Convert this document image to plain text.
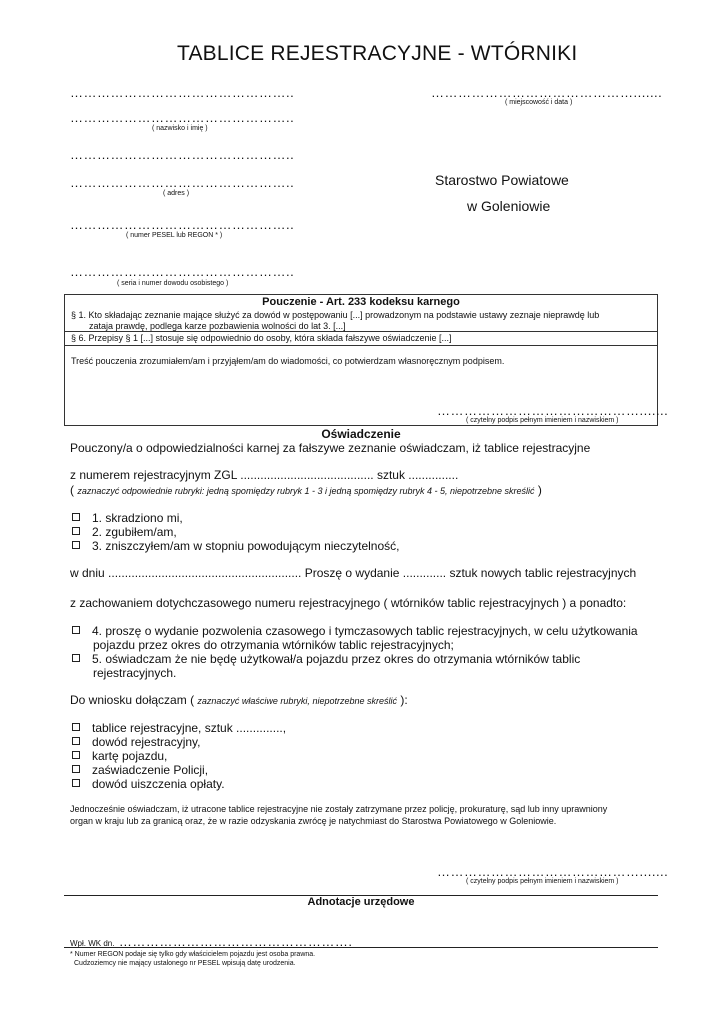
TABLICE REJESTRACYJNE - WTÓRNIKI
…………………………………………..
…………………………………………..
( nazwisko i imię )
…………………………………………..
…………………………………………..
( adres )
…………………………………………..
( numer PESEL lub REGON * )
…………………………………………..
( seria i numer dowodu osobistego )
……………………………………….......
( miejscowość i data )
Starostwo Powiatowe
w Goleniowie
Pouczenie - Art. 233 kodeksu karnego
§ 1. Kto składając zeznanie mające służyć za dowód w postępowaniu [...] prowadzonym na podstawie ustawy zeznaje nieprawdę lub
zataja prawdę, podlega karze pozbawienia wolności do lat 3. [...]
§ 6. Przepisy § 1 [...] stosuje się odpowiednio do osoby, która składa fałszywe oświadczenie [...]
Treść pouczenia zrozumiałem/am i przyjąłem/am do wiadomości, co potwierdzam własnoręcznym podpisem.
……………………………………….......
( czytelny podpis pełnym imieniem i nazwiskiem )
Oświadczenie
Pouczony/a o odpowiedzialności karnej za fałszywe zeznanie oświadczam, iż tablice rejestracyjne
z numerem rejestracyjnym ZGL ........................................ sztuk ...............
( zaznaczyć odpowiednie rubryki: jedną spomiędzy rubryk 1 - 3 i jedną spomiędzy rubryk 4 - 5, niepotrzebne skreślić )
1. skradziono mi,
2. zgubiłem/am,
3. zniszczyłem/am w stopniu powodującym nieczytelność,
w dniu .......................................................... Proszę o wydanie ............. sztuk nowych tablic rejestracyjnych
z zachowaniem dotychczasowego numeru rejestracyjnego ( wtórników tablic rejestracyjnych ) a ponadto:
4. proszę o wydanie pozwolenia czasowego i tymczasowych tablic rejestracyjnych, w celu użytkowania
pojazdu przez okres do otrzymania wtórników tablic rejestracyjnych;
5. oświadczam że nie będę użytkował/a pojazdu przez okres do otrzymania wtórników tablic
rejestracyjnych.
Do wniosku dołączam ( zaznaczyć właściwe rubryki, niepotrzebne skreślić ):
tablice rejestracyjne, sztuk ..............,
dowód rejestracyjny,
kartę pojazdu,
zaświadczenie Policji,
dowód uiszczenia opłaty.
Jednocześnie oświadczam, iż utracone tablice rejestracyjne nie zostały zatrzymane przez policję, prokuraturę, sąd lub inny uprawniony
organ w kraju lub za granicą oraz, że w razie odzyskania zwrócę je natychmiast do Starostwa Powiatowego w Goleniowie.
……………………………………….......
( czytelny podpis pełnym imieniem i nazwiskiem )
Adnotacje urzędowe
Wpł. WK dn. …………………………………………….
* Numer REGON podaje się tylko gdy właścicielem pojazdu jest osoba prawna.
Cudzoziemcy nie mający ustalonego nr PESEL wpisują datę urodzenia.
